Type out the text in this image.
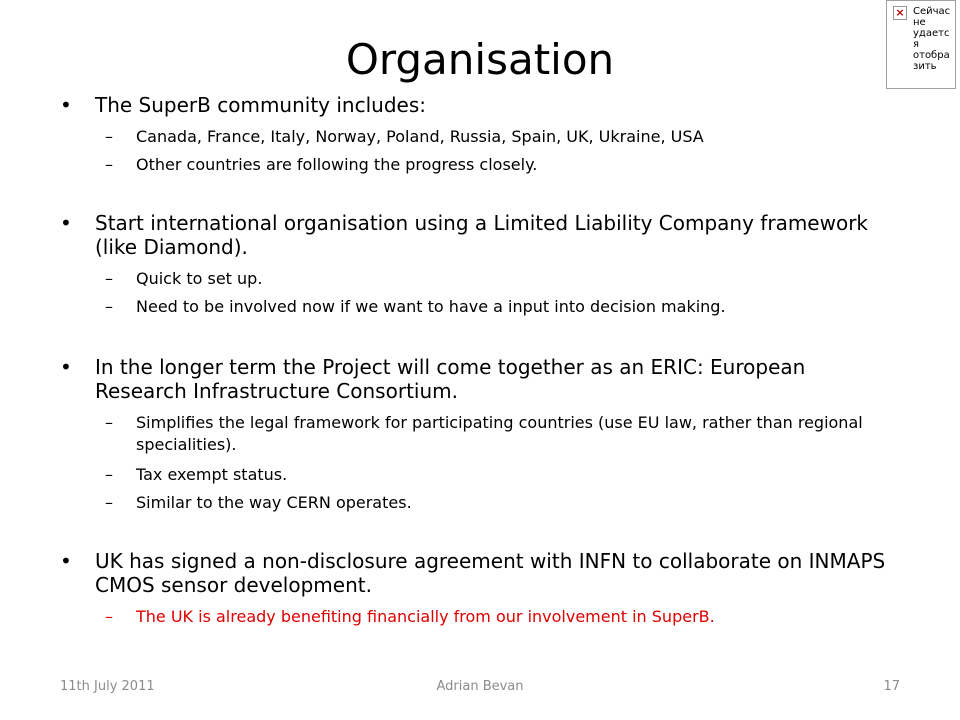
Organisation
× Сейчас
не
удаетс
я
отобра
зить
• The SuperB community includes:
– Canada, France, Italy, Norway, Poland, Russia, Spain, UK, Ukraine, USA
– Other countries are following the progress closely.
• Start international organisation using a Limited Liability Company framework (like Diamond).
– Quick to set up.
– Need to be involved now if we want to have a input into decision making.
• In the longer term the Project will come together as an ERIC: European Research Infrastructure Consortium.
– Simplifies the legal framework for participating countries (use EU law, rather than regional specialities).
– Tax exempt status.
– Similar to the way CERN operates.
• UK has signed a non-disclosure agreement with INFN to collaborate on INMAPS CMOS sensor development.
– The UK is already benefiting financially from our involvement in SuperB.
11th July 2011	Adrian Bevan	17
